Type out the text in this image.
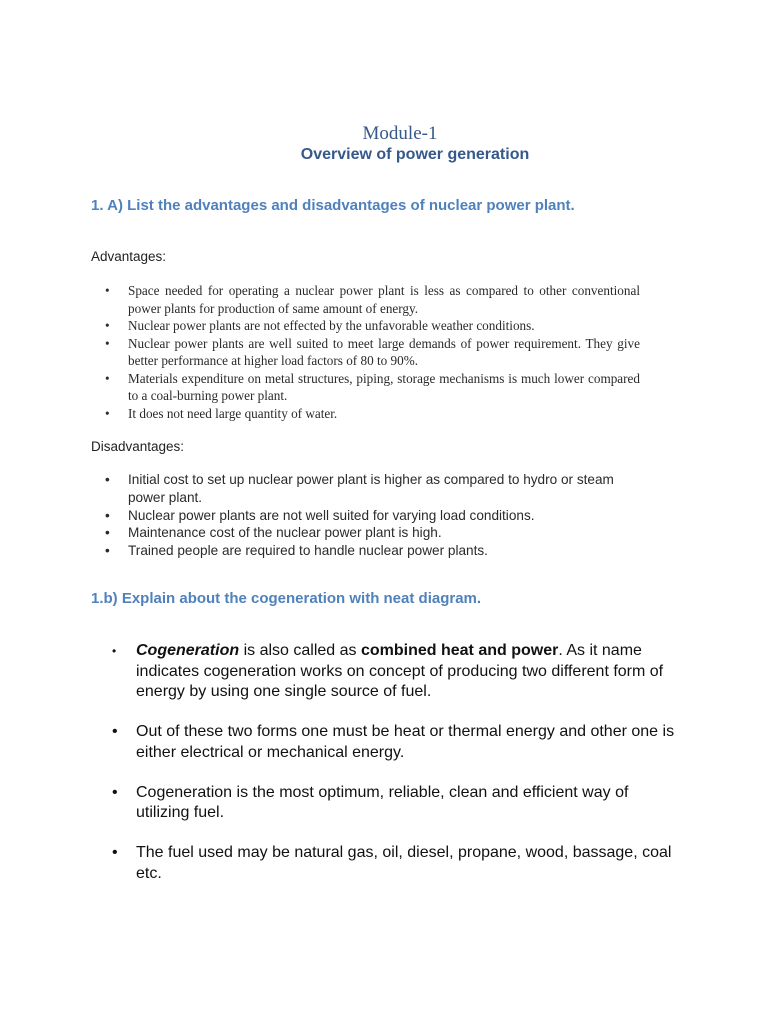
Module-1
Overview of power generation
1. A) List the advantages and disadvantages of nuclear power plant.
Advantages:
• Space needed for operating a nuclear power plant is less as compared to other conventional power plants for production of same amount of energy.
• Nuclear power plants are not effected by the unfavorable weather conditions.
• Nuclear power plants are well suited to meet large demands of power requirement. They give better performance at higher load factors of 80 to 90%.
• Materials expenditure on metal structures, piping, storage mechanisms is much lower compared to a coal-burning power plant.
• It does not need large quantity of water.
Disadvantages:
• Initial cost to set up nuclear power plant is higher as compared to hydro or steam power plant.
• Nuclear power plants are not well suited for varying load conditions.
• Maintenance cost of the nuclear power plant is high.
• Trained people are required to handle nuclear power plants.
1.b) Explain about the cogeneration with neat diagram.
• Cogeneration is also called as combined heat and power. As it name indicates cogeneration works on concept of producing two different form of energy by using one single source of fuel.
• Out of these two forms one must be heat or thermal energy and other one is either electrical or mechanical energy.
• Cogeneration is the most optimum, reliable, clean and efficient way of utilizing fuel.
• The fuel used may be natural gas, oil, diesel, propane, wood, bassage, coal etc.
